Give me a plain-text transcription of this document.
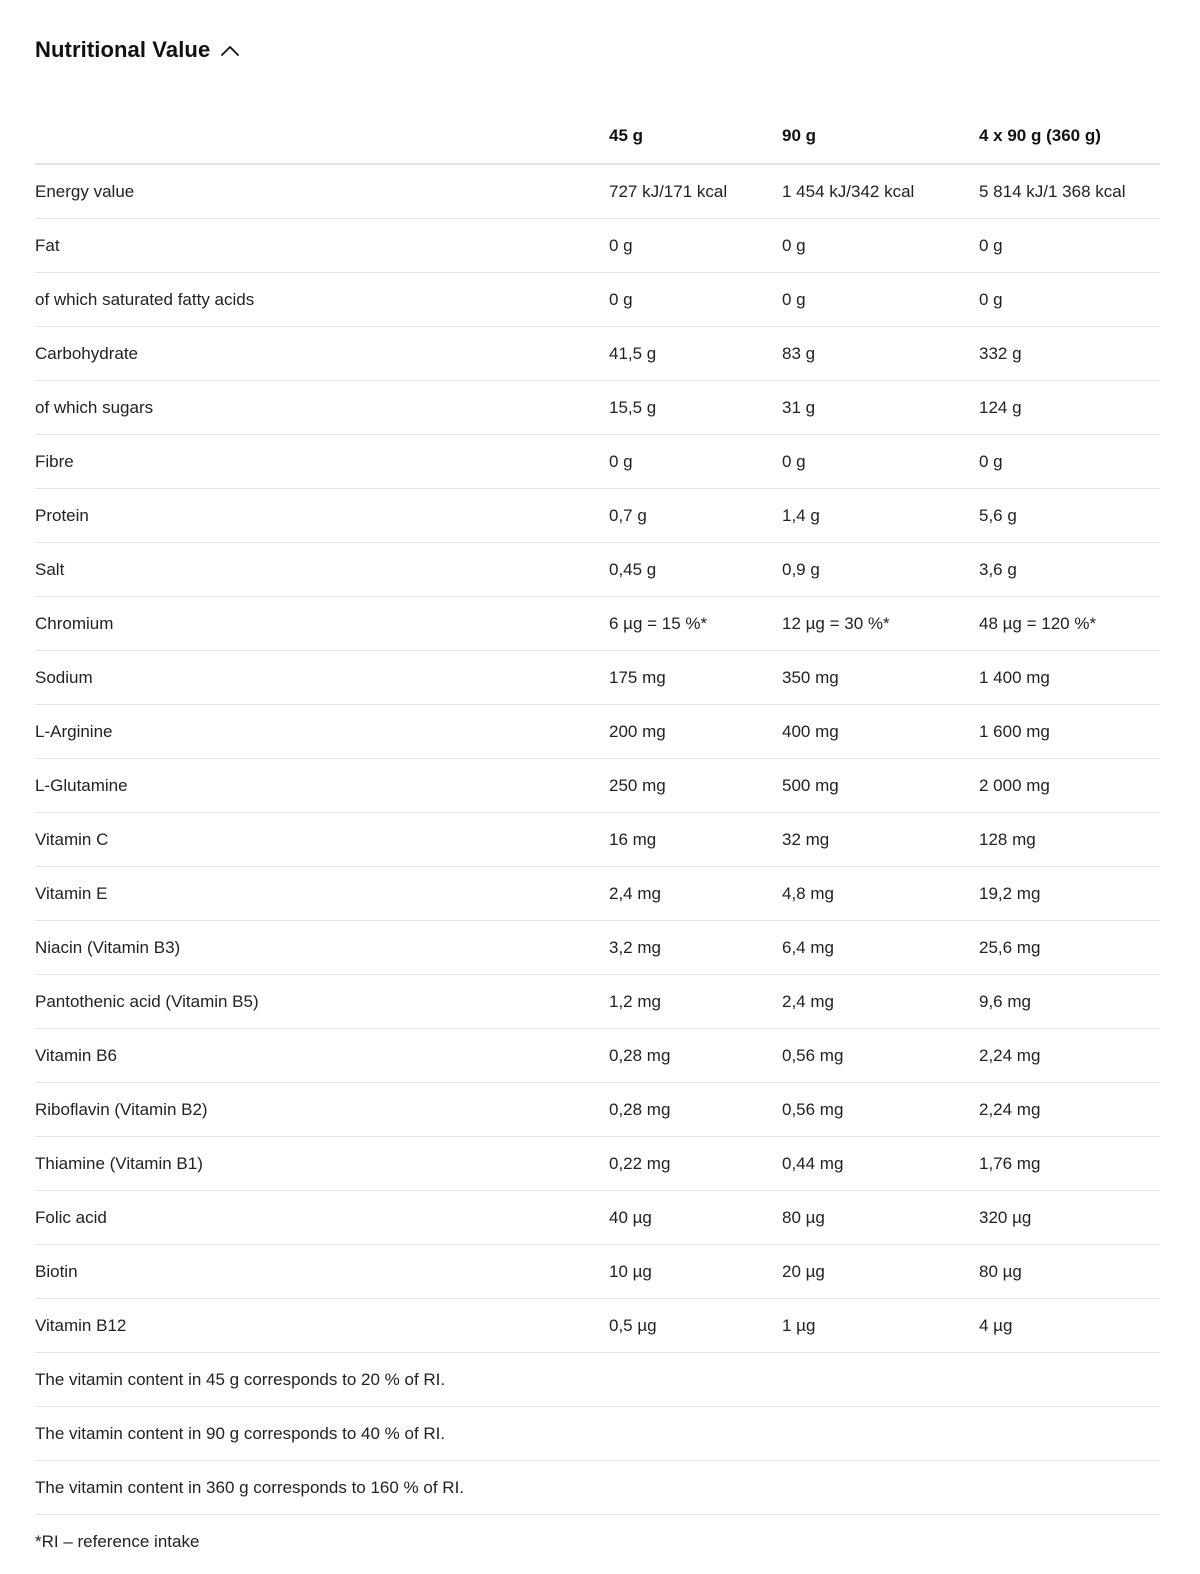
Nutritional Value
	45 g	90 g	4 x 90 g (360 g)
Energy value	727 kJ/171 kcal	1 454 kJ/342 kcal	5 814 kJ/1 368 kcal
Fat	0 g	0 g	0 g
of which saturated fatty acids	0 g	0 g	0 g
Carbohydrate	41,5 g	83 g	332 g
of which sugars	15,5 g	31 g	124 g
Fibre	0 g	0 g	0 g
Protein	0,7 g	1,4 g	5,6 g
Salt	0,45 g	0,9 g	3,6 g
Chromium	6 µg = 15 %*	12 µg = 30 %*	48 µg = 120 %*
Sodium	175 mg	350 mg	1 400 mg
L-Arginine	200 mg	400 mg	1 600 mg
L-Glutamine	250 mg	500 mg	2 000 mg
Vitamin C	16 mg	32 mg	128 mg
Vitamin E	2,4 mg	4,8 mg	19,2 mg
Niacin (Vitamin B3)	3,2 mg	6,4 mg	25,6 mg
Pantothenic acid (Vitamin B5)	1,2 mg	2,4 mg	9,6 mg
Vitamin B6	0,28 mg	0,56 mg	2,24 mg
Riboflavin (Vitamin B2)	0,28 mg	0,56 mg	2,24 mg
Thiamine (Vitamin B1)	0,22 mg	0,44 mg	1,76 mg
Folic acid	40 µg	80 µg	320 µg
Biotin	10 µg	20 µg	80 µg
Vitamin B12	0,5 µg	1 µg	4 µg
The vitamin content in 45 g corresponds to 20 % of RI.			
The vitamin content in 90 g corresponds to 40 % of RI.			
The vitamin content in 360 g corresponds to 160 % of RI.			
*RI – reference intake			
